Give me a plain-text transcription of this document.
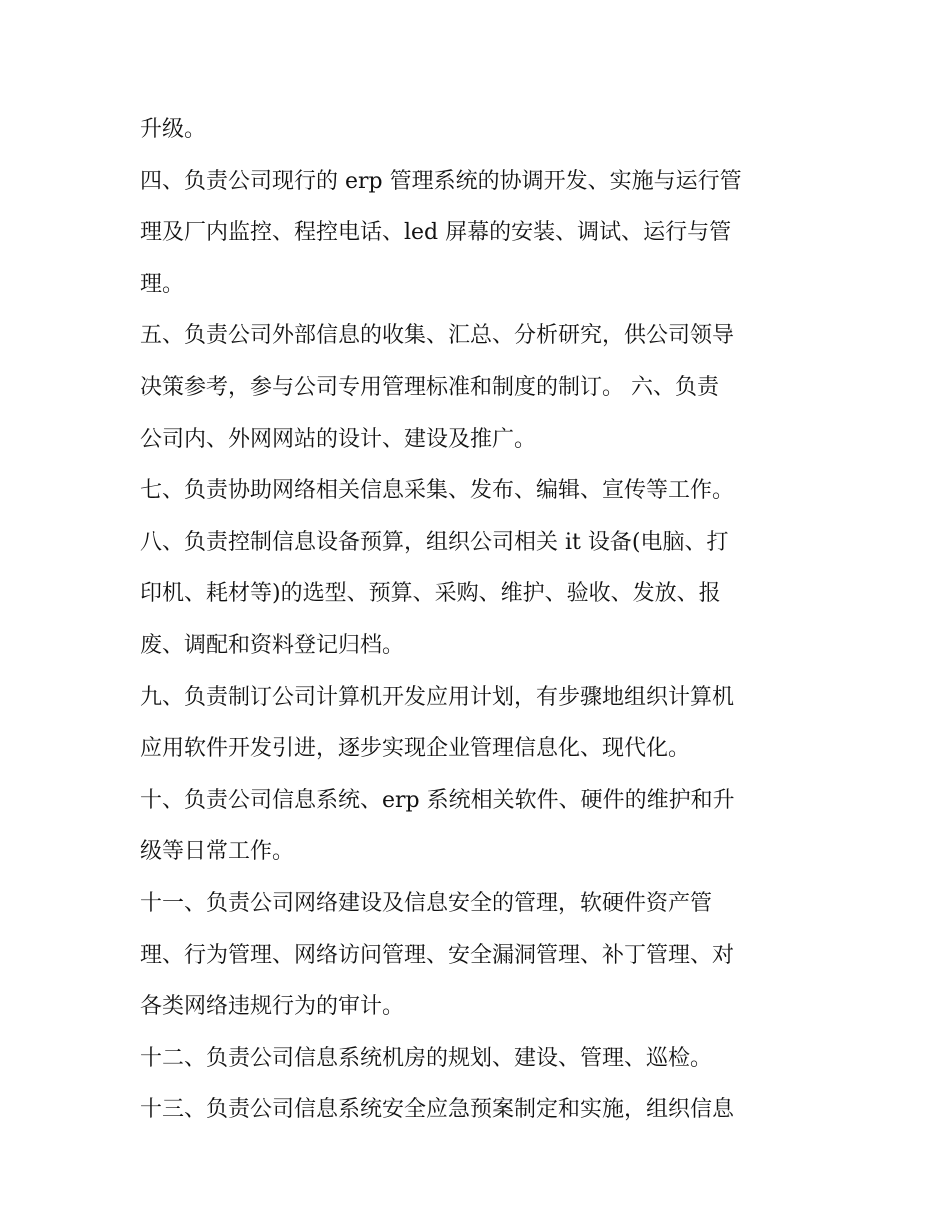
升级。
四、负责公司现行的 erp 管理系统的协调开发、实施与运行管
理及厂内监控、程控电话、led 屏幕的安装、调试、运行与管
理。
五、负责公司外部信息的收集、汇总、分析研究，供公司领导
决策参考，参与公司专用管理标准和制度的制订。 六、负责
公司内、外网网站的设计、建设及推广。
七、负责协助网络相关信息采集、发布、编辑、宣传等工作。
八、负责控制信息设备预算，组织公司相关 it 设备(电脑、打
印机、耗材等)的选型、预算、采购、维护、验收、发放、报
废、调配和资料登记归档。
九、负责制订公司计算机开发应用计划，有步骤地组织计算机
应用软件开发引进，逐步实现企业管理信息化、现代化。
十、负责公司信息系统、erp 系统相关软件、硬件的维护和升
级等日常工作。
十一、负责公司网络建设及信息安全的管理，软硬件资产管
理、行为管理、网络访问管理、安全漏洞管理、补丁管理、对
各类网络违规行为的审计。
十二、负责公司信息系统机房的规划、建设、管理、巡检。
十三、负责公司信息系统安全应急预案制定和实施，组织信息
